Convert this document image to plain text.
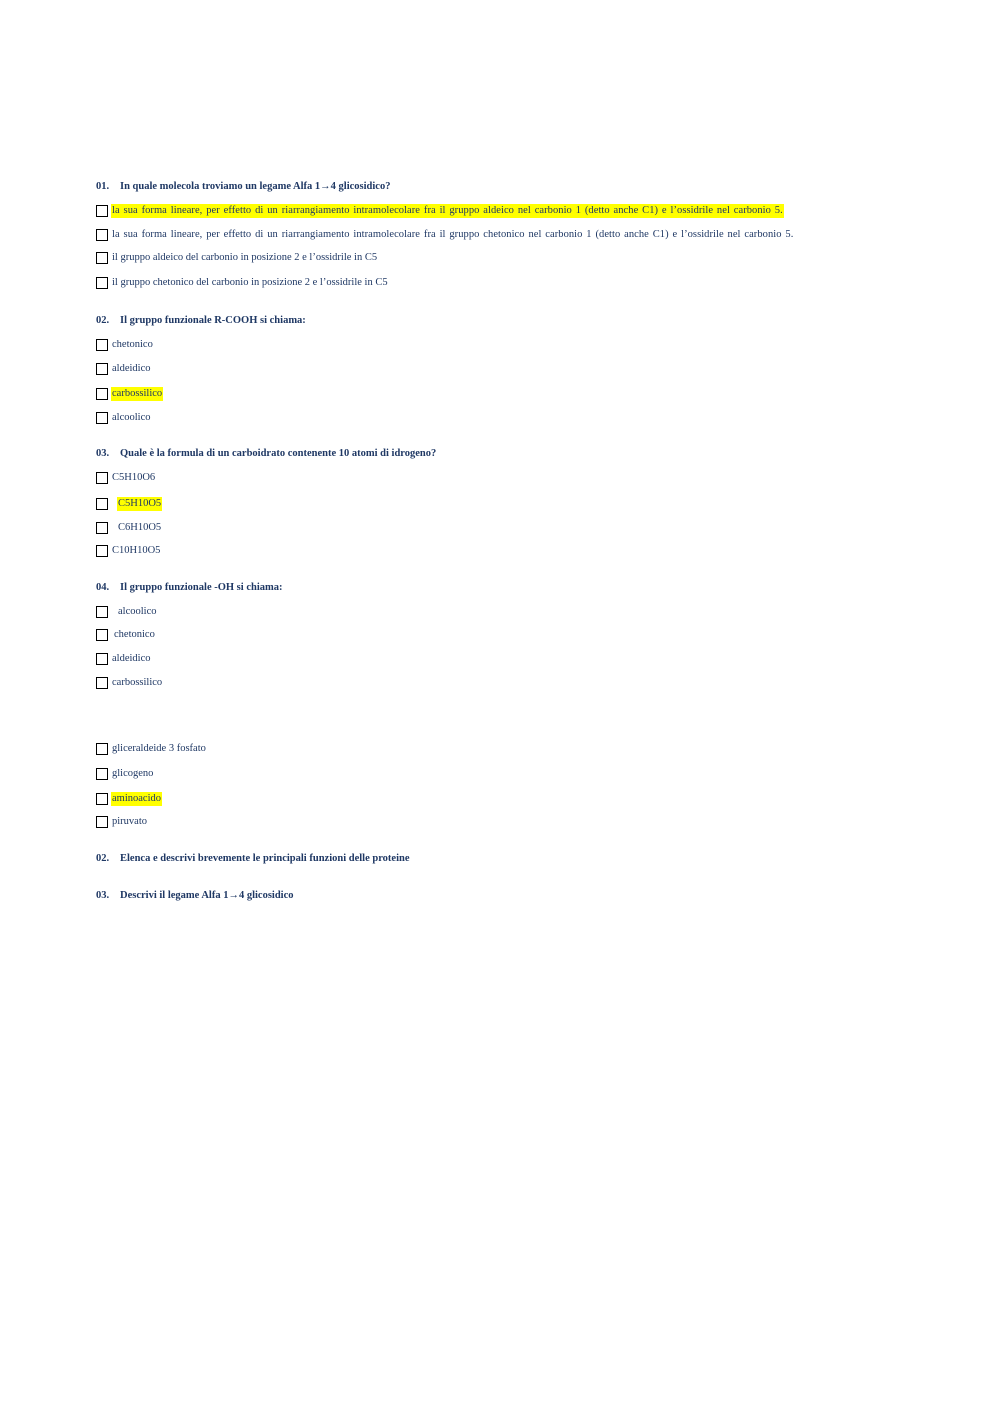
01. In quale molecola troviamo un legame Alfa 1→4 glicosidico?
la sua forma lineare, per effetto di un riarrangiamento intramolecolare fra il gruppo aldeico nel carbonio 1 (detto anche C1) e l’ossidrile nel carbonio 5.
la sua forma lineare, per effetto di un riarrangiamento intramolecolare fra il gruppo chetonico nel carbonio 1 (detto anche C1) e l’ossidrile nel carbonio 5.
il gruppo aldeico del carbonio in posizione 2 e l’ossidrile in C5
il gruppo chetonico del carbonio in posizione 2 e l’ossidrile in C5
02. Il gruppo funzionale R-COOH si chiama:
chetonico
aldeidico
carbossilico
alcoolico
03. Quale è la formula di un carboidrato contenente 10 atomi di idrogeno?
C5H10O6
C5H10O5
C6H10O5
C10H10O5
04. Il gruppo funzionale -OH si chiama:
alcoolico
chetonico
aldeidico
carbossilico
gliceraldeide 3 fosfato
glicogeno
aminoacido
piruvato
02. Elenca e descrivi brevemente le principali funzioni delle proteine
03. Descrivi il legame Alfa 1→4 glicosidico
